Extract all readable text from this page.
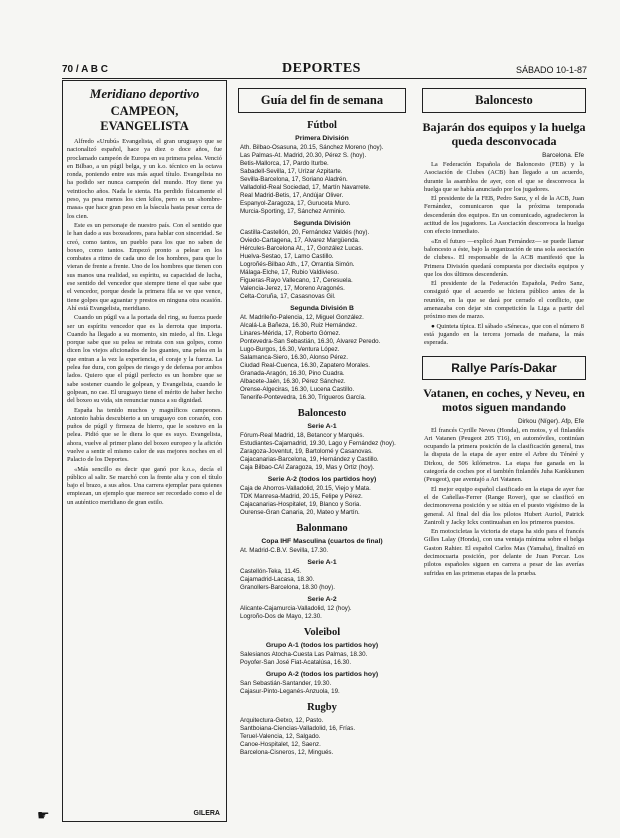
70 / A B C	DEPORTES	SÁBADO 10-1-87
Meridiano deportivo
CAMPEON, EVANGELISTA

Alfredo «Urubú» Evangelista, el gran uruguayo que se nacionalizó español, hace ya diez o doce años, fue proclamado campeón de Europa en su primera pelea. Venció en Bilbao, a un púgil belga, y un k.o. técnico en la octava ronda, poniendo entre sus más aquel título. Evangelista no ha podido ser nunca campeón del mundo. Hoy tiene ya veintiocho años. Nada le sienta. Ha perdido físicamente el peso, ya pesa menos los cien kilos, pero es un «hombre-masa» que hace gran peso en la báscula hasta pesar cerca de los cien.

Este es un personaje de nuestro país. Con el sentido que le han dado a sus boxeadores, para hablar con sinceridad. Se creó, como tantos, un pueblo para los que no saben de boxeo, como tantos. Empezó pronto a pelear en los combates a ritmo de cada uno de los hombres, para que lo vieran de frente a frente. Uno de los hombres que tienen con sus manos una realidad, su espíritu, su capacidad de lucha, ese sentido del vencedor que siempre tiene el que sabe que el vencedor, porque desde la primera fila se ve que vence, tiene golpes que aguantar y prestos en ninguna otra ocasión. Ahí está Evangelista, meridiano.

Cuando un púgil va a la portada del ring, su fuerza puede ser un espíritu vencedor que es la derrota que importa. Cuando ha llegado a su momento, sin miedo, al fin. Llega porque sabe que su pelea se retrata con sus golpes, como dicen los viejos aficionados de los guantes, una pelea en la que entran a la vez la experiencia, el coraje y la fuerza. La pelea fue dura, con golpes de riesgo y de defensa por ambos lados. Quiero que el púgil perfecto es un hombre que se sabe sostener cuando le golpean, y Evangelista, cuando le golpean, no cae. El uruguayo tiene el mérito de haber hecho del boxeo su vida, sin renunciar nunca a su dignidad.

España ha tenido muchos y magníficos campeones. Antonio había descubierto a un uruguayo con corazón, con puños de púgil y firmeza de hierro, que le sostuvo en la pelea. Pidió que se le diera lo que es suyo. Evangelista, ahora, vuelve al primer plano del boxeo europeo y la afición vuelve a sentir el mismo calor de sus mejores noches en el Palacio de los Deportes.

«Más sencillo es decir que ganó por k.o.», decía el público al salir. Se marchó con la frente alta y con el título bajo el brazo, a sus años. Una carrera ejemplar para quienes empiezan, un ejemplo que merece ser recordado como el de un auténtico meridiano de gran estilo.

GILERA
Guía del fin de semana
Fútbol
Primera División
Ath. Bilbao-Osasuna, 20.15, Sánchez Moreno (hoy).
Las Palmas-At. Madrid, 20.30, Pérez S. (hoy).
Betis-Mallorca, 17, Pardo Iturbe.
Sabadell-Sevilla, 17, Urízar Azpitarte.
Sevilla-Barcelona, 17, Soriano Aladrén.
Valladolid-Real Sociedad, 17, Martín Navarrete.
Real Madrid-Betis, 17, Andújar Oliver.
Espanyol-Zaragoza, 17, Guruceta Muro.
Murcia-Sporting, 17, Sánchez Arminio.
Segunda División
Castilla-Castellón, 20, Fernández Valdés (hoy).
Oviedo-Cartagena, 17, Álvarez Margüenda.
Hércules-Barcelona At., 17, González Lucas.
Huelva-Sestao, 17, Lamo Castillo.
Logroñés-Bilbao Ath., 17, Orrantia Simón.
Málaga-Elche, 17, Rubio Valdivieso.
Figueras-Rayo Vallecano, 17, Ceresuela.
Valencia-Jerez, 17, Moreno Aragonés.
Celta-Coruña, 17, Casasnovas Gil.
Segunda División B
At. Madrileño-Palencia, 12, Miguel González.
Alcalá-La Bañeza, 16.30, Ruiz Hernández.
Linares-Mérida, 17, Roberto Gómez.
Pontevedra-San Sebastián, 16.30, Álvarez Peredo.
Lugo-Burgos, 16.30, Ventura López.
Salamanca-Siero, 16.30, Alonso Pérez.
Ciudad Real-Cuenca, 16.30, Zapatero Morales.
Granada-Aragón, 16.30, Pino Cuadra.
Albacete-Jaén, 16.30, Pérez Sánchez.
Orense-Algeciras, 16.30, Lucena Castillo.
Tenerife-Pontevedra, 16.30, Trigueros García.
Baloncesto
Serie A-1
Fórum-Real Madrid, 18, Betancor y Marqués.
Estudiantes-Cajamadrid, 19.30, Lago y Fernández (hoy).
Zaragoza-Joventut, 19, Bartolomé y Casanovas.
Cajacanarias-Barcelona, 19, Hernández y Castillo.
Caja Bilbao-CAI Zaragoza, 19, Mas y Ortiz (hoy).
Serie A-2 (todos los partidos hoy)
Caja de Ahorros-Valladolid, 20.15, Viejo y Mata.
TDK Manresa-Madrid, 20.15, Felipe y Pérez.
Cajacanarias-Hospitalet, 19, Blanco y Soria.
Ourense-Gran Canaria, 20, Mateo y Martín.
Balonmano
Copa IHF Masculina (cuartos de final)
At. Madrid-C.B.V. Sevilla, 17.30.
Serie A-1
Castellón-Teka, 11.45.
Cajamadrid-Lacasa, 18.30.
Granollers-Barcelona, 18.30 (hoy).
Serie A-2
Alicante-Cajamurcia-Valladolid, 12 (hoy).
Logroño-Dos de Mayo, 12.30.
Voleibol
Grupo A-1 (todos los partidos hoy)
Salesianos Atocha-Cuesta Las Palmas, 18.30.
Poyofer-San José Fiat-Acatalúsa, 16.30.
Grupo A-2 (todos los partidos hoy)
San Sebastián-Santander, 19.30.
Cajasur-Pinto-Leganés-Anzuola, 19.
Rugby
Arquitectura-Getxo, 12, Pasto.
Santboiana-Ciencias-Valladolid, 16, Frías.
Teruel-Valencia, 12, Salgado.
Canoe-Hospitalet, 12, Saenz.
Barcelona-Cisneros, 12, Mingués.
Baloncesto
Bajarán dos equipos y la huelga queda desconvocada
Barcelona. Efe

La Federación Española de Baloncesto (FEB) y la Asociación de Clubes (ACB) han llegado a un acuerdo, durante la asamblea de ayer, con el que se desconvoca la huelga que se había anunciado por los jugadores.

El presidente de la FEB, Pedro Sanz, y el de la ACB, Juan Fernández, comunicaron que la próxima temporada descenderán dos equipos. En un comunicado, agradecieron la actitud de los jugadores. La Asociación desconvoca la huelga con efecto inmediato.

«En el futuro —explicó Juan Fernández— se puede llamar baloncesto a éste, bajo la organización de una sola asociación de clubes». El responsable de la ACB manifestó que la Primera División quedará compuesta por dieciséis equipos y que los dos últimos descenderán.

El presidente de la Federación Española, Pedro Sanz, consiguió que el acuerdo se hiciera público antes de la reunión, en la que se dará por cerrado el conflicto, que amenazaba con dejar sin competición la Liga a partir del próximo mes de marzo.

● Quinteta típica. El sábado «Séneca», que con el número 8 está jugando en la tercera jornada de mañana, la más esperada.

Rallye París-Dakar
Vatanen, en coches, y Neveu, en motos siguen mandando
Dirkou (Níger). Afp, Efe

El francés Cyrille Neveu (Honda), en motos, y el finlandés Ari Vatanen (Peugeot 205 T16), en automóviles, continúan ocupando la primera posición de la clasificación general, tras la disputa de la etapa de ayer entre el Arbre du Ténéré y Dirkou, de 506 kilómetros. La etapa fue ganada en la categoría de coches por el también finlandés Juha Kankkunen (Peugeot), que aventajó a Ari Vatanen.

El mejor equipo español clasificado en la etapa de ayer fue el de Cañellas-Ferrer (Range Rover), que se clasificó en decimonovena posición y se sitúa en el puesto vigésimo de la general. Al final del día los pilotos Hubert Auriol, Patrick Zaniroli y Jacky Ickx continuaban en los primeros puestos.

En motocicletas la victoria de etapa ha sido para el francés Gilles Lalay (Honda), con una ventaja mínima sobre el belga Gaston Rahier. El español Carlos Mas (Yamaha), finalizó en decimocuarta posición, por delante de Juan Porcar. Los pilotos españoles siguen en carrera a pesar de las averías sufridas en las primeras etapas de la prueba.

☛
